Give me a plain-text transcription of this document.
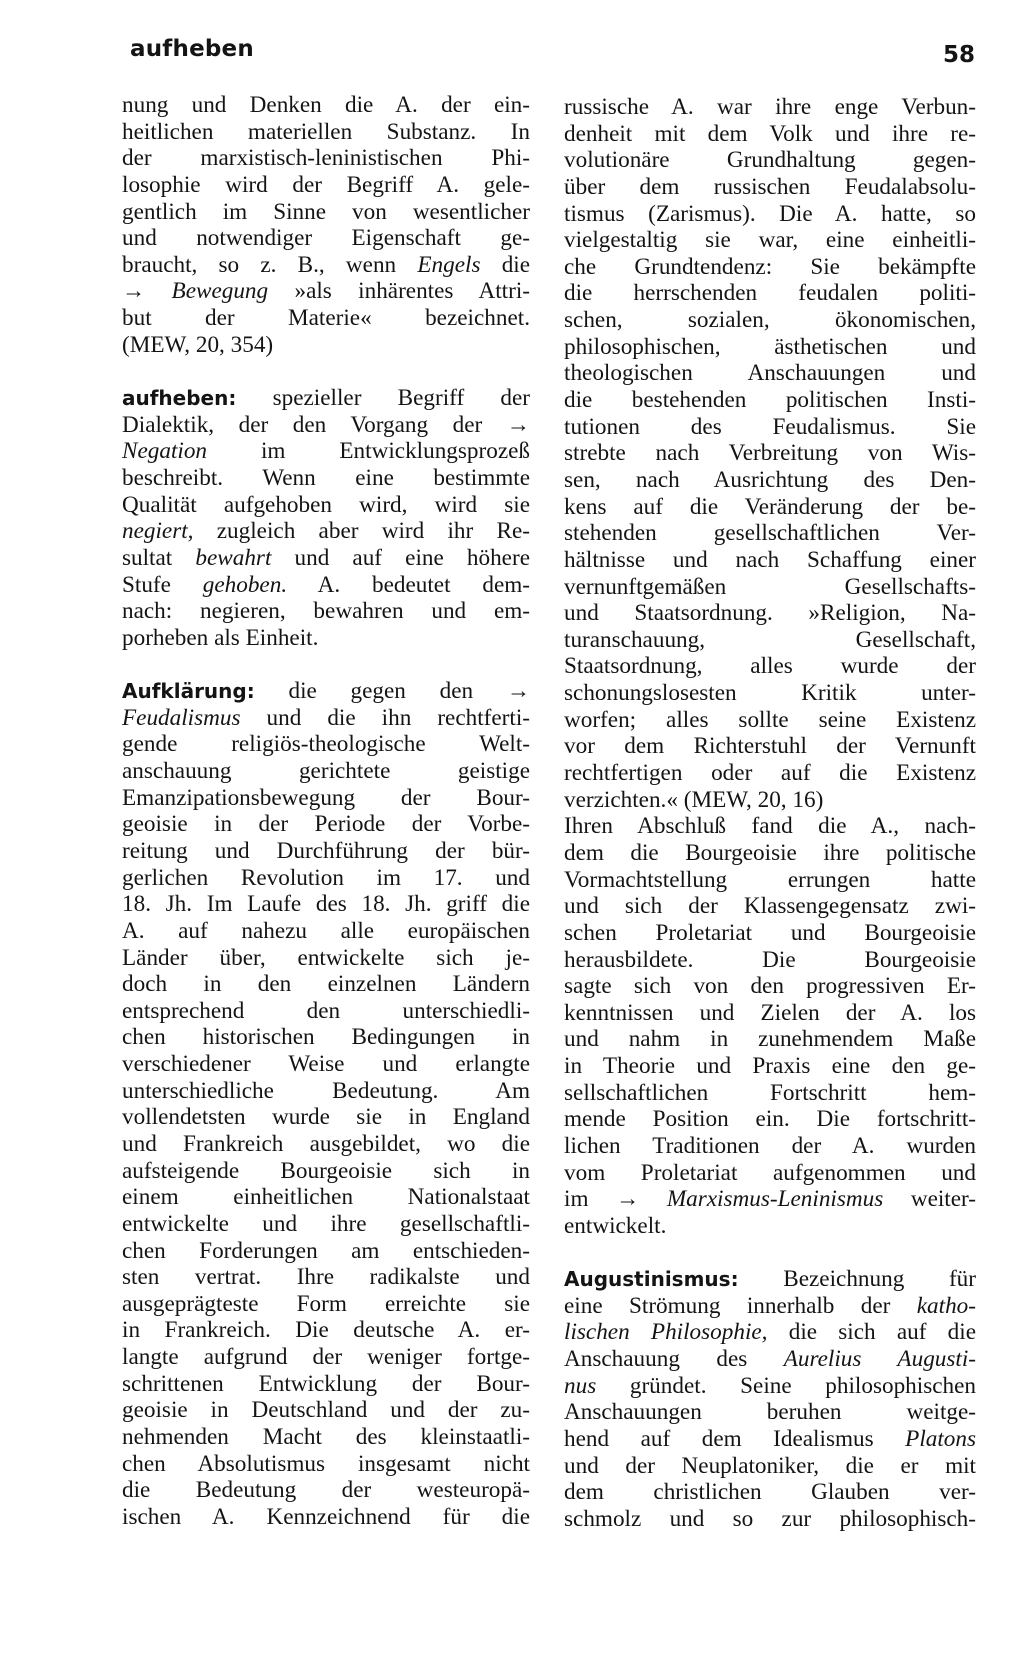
aufheben	58
nung und Denken die A. der ein-
heitlichen materiellen Substanz. In
der marxistisch-leninistischen Phi-
losophie wird der Begriff A. gele-
gentlich im Sinne von wesentlicher
und notwendiger Eigenschaft ge-
braucht, so z. B., wenn Engels die
→ Bewegung »als inhärentes Attri-
but der Materie« bezeichnet.
(MEW, 20, 354)
aufheben: spezieller Begriff der
Dialektik, der den Vorgang der →
Negation im Entwicklungsprozeß
beschreibt. Wenn eine bestimmte
Qualität aufgehoben wird, wird sie
negiert, zugleich aber wird ihr Re-
sultat bewahrt und auf eine höhere
Stufe gehoben. A. bedeutet dem-
nach: negieren, bewahren und em-
porheben als Einheit.
Aufklärung: die gegen den →
Feudalismus und die ihn rechtferti-
gende religiös-theologische Welt-
anschauung gerichtete geistige
Emanzipationsbewegung der Bour-
geoisie in der Periode der Vorbe-
reitung und Durchführung der bür-
gerlichen Revolution im 17. und
18. Jh. Im Laufe des 18. Jh. griff die
A. auf nahezu alle europäischen
Länder über, entwickelte sich je-
doch in den einzelnen Ländern
entsprechend den unterschiedli-
chen historischen Bedingungen in
verschiedener Weise und erlangte
unterschiedliche Bedeutung. Am
vollendetsten wurde sie in England
und Frankreich ausgebildet, wo die
aufsteigende Bourgeoisie sich in
einem einheitlichen Nationalstaat
entwickelte und ihre gesellschaftli-
chen Forderungen am entschieden-
sten vertrat. Ihre radikalste und
ausgeprägteste Form erreichte sie
in Frankreich. Die deutsche A. er-
langte aufgrund der weniger fortge-
schrittenen Entwicklung der Bour-
geoisie in Deutschland und der zu-
nehmenden Macht des kleinstaatli-
chen Absolutismus insgesamt nicht
die Bedeutung der westeuropä-
ischen A. Kennzeichnend für die
russische A. war ihre enge Verbun-
denheit mit dem Volk und ihre re-
volutionäre Grundhaltung gegen-
über dem russischen Feudalabsolu-
tismus (Zarismus). Die A. hatte, so
vielgestaltig sie war, eine einheitli-
che Grundtendenz: Sie bekämpfte
die herrschenden feudalen politi-
schen, sozialen, ökonomischen,
philosophischen, ästhetischen und
theologischen Anschauungen und
die bestehenden politischen Insti-
tutionen des Feudalismus. Sie
strebte nach Verbreitung von Wis-
sen, nach Ausrichtung des Den-
kens auf die Veränderung der be-
stehenden gesellschaftlichen Ver-
hältnisse und nach Schaffung einer
vernunftgemäßen Gesellschafts-
und Staatsordnung. »Religion, Na-
turanschauung, Gesellschaft,
Staatsordnung, alles wurde der
schonungslosesten Kritik unter-
worfen; alles sollte seine Existenz
vor dem Richterstuhl der Vernunft
rechtfertigen oder auf die Existenz
verzichten.« (MEW, 20, 16)
Ihren Abschluß fand die A., nach-
dem die Bourgeoisie ihre politische
Vormachtstellung errungen hatte
und sich der Klassengegensatz zwi-
schen Proletariat und Bourgeoisie
herausbildete. Die Bourgeoisie
sagte sich von den progressiven Er-
kenntnissen und Zielen der A. los
und nahm in zunehmendem Maße
in Theorie und Praxis eine den ge-
sellschaftlichen Fortschritt hem-
mende Position ein. Die fortschritt-
lichen Traditionen der A. wurden
vom Proletariat aufgenommen und
im → Marxismus-Leninismus weiter-
entwickelt.
Augustinismus: Bezeichnung für
eine Strömung innerhalb der katho-
lischen Philosophie, die sich auf die
Anschauung des Aurelius Augusti-
nus gründet. Seine philosophischen
Anschauungen beruhen weitge-
hend auf dem Idealismus Platons
und der Neuplatoniker, die er mit
dem christlichen Glauben ver-
schmolz und so zur philosophisch-
